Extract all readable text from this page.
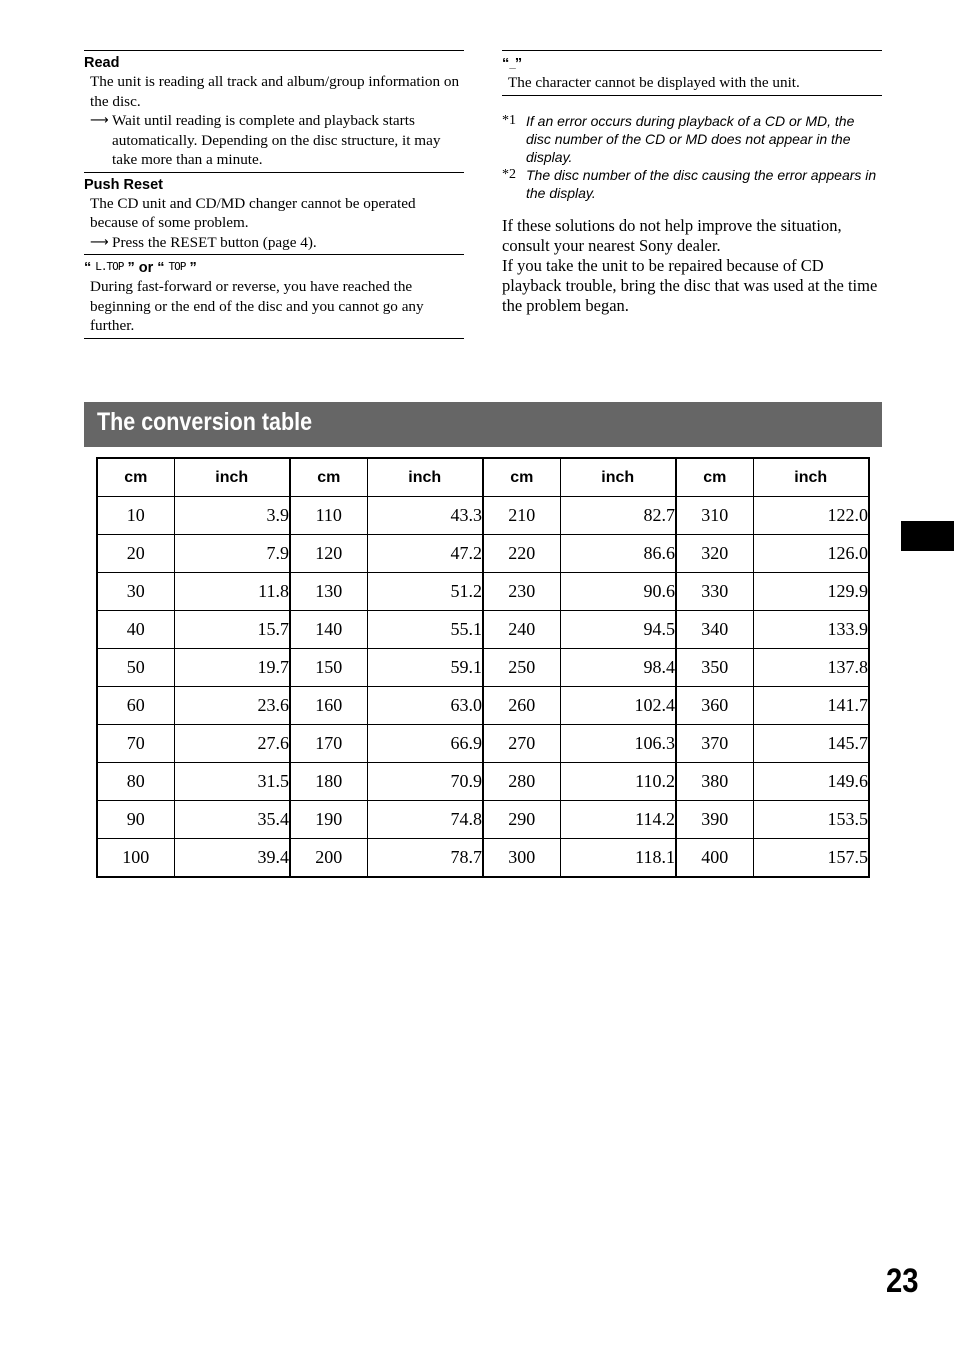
Read
The unit is reading all track and album/group information on the disc.
⟶ Wait until reading is complete and playback starts automatically. Depending on the disc structure, it may take more than a minute.
Push Reset
The CD unit and CD/MD changer cannot be operated because of some problem.
⟶ Press the RESET button (page 4).
“ L.TOP ” or “ TOP ”
During fast-forward or reverse, you have reached the beginning or the end of the disc and you cannot go any further.
“_”
The character cannot be displayed with the unit.
*1 If an error occurs during playback of a CD or MD, the disc number of the CD or MD does not appear in the display.
*2 The disc number of the disc causing the error appears in the display.
If these solutions do not help improve the situation, consult your nearest Sony dealer.
If you take the unit to be repaired because of CD playback trouble, bring the disc that was used at the time the problem began.
The conversion table
cm	inch	cm	inch	cm	inch	cm	inch
10	3.9	110	43.3	210	82.7	310	122.0
20	7.9	120	47.2	220	86.6	320	126.0
30	11.8	130	51.2	230	90.6	330	129.9
40	15.7	140	55.1	240	94.5	340	133.9
50	19.7	150	59.1	250	98.4	350	137.8
60	23.6	160	63.0	260	102.4	360	141.7
70	27.6	170	66.9	270	106.3	370	145.7
80	31.5	180	70.9	280	110.2	380	149.6
90	35.4	190	74.8	290	114.2	390	153.5
100	39.4	200	78.7	300	118.1	400	157.5
23
